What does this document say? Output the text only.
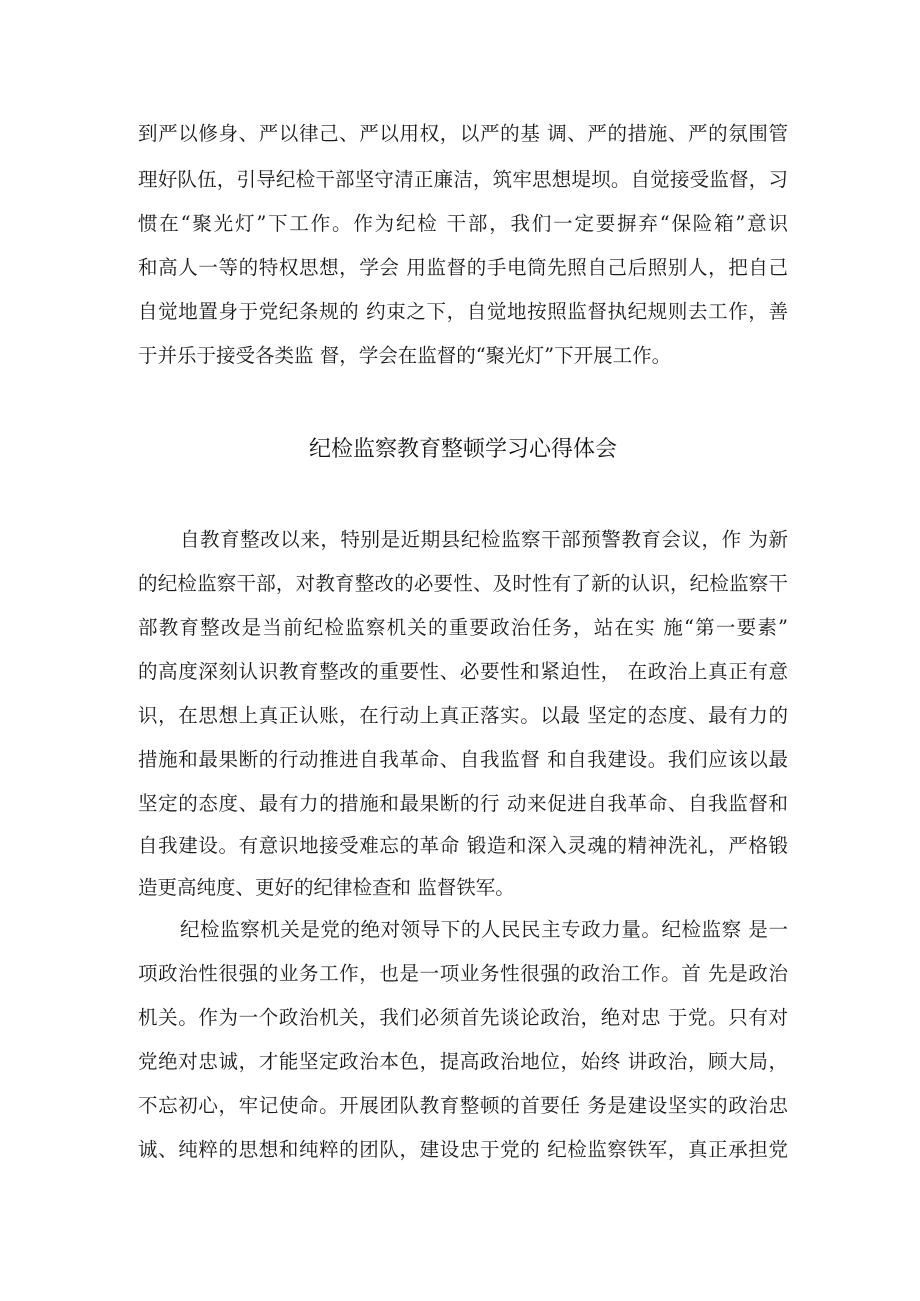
到严以修身、严以律己、严以用权，以严的基 调、严的措施、严的氛围管

理好队伍，引导纪检干部坚守清正廉洁，筑牢思想堤坝。自觉接受监督，习

惯在“聚光灯”下工作。作为纪检 干部，我们一定要摒弃“保险箱”意识

和高人一等的特权思想，学会 用监督的手电筒先照自己后照别人，把自己

自觉地置身于党纪条规的 约束之下，自觉地按照监督执纪规则去工作，善

于并乐于接受各类监 督，学会在监督的“聚光灯”下开展工作。

纪检监察教育整顿学习心得体会

自教育整改以来，特别是近期县纪检监察干部预警教育会议，作 为新

的纪检监察干部，对教育整改的必要性、及时性有了新的认识，纪检监察干

部教育整改是当前纪检监察机关的重要政治任务，站在实 施“第一要素”

的高度深刻认识教育整改的重要性、必要性和紧迫性， 在政治上真正有意

识，在思想上真正认账，在行动上真正落实。以最 坚定的态度、最有力的

措施和最果断的行动推进自我革命、自我监督 和自我建设。我们应该以最

坚定的态度、最有力的措施和最果断的行 动来促进自我革命、自我监督和

自我建设。有意识地接受难忘的革命 锻造和深入灵魂的精神洗礼，严格锻

造更高纯度、更好的纪律检查和 监督铁军。

纪检监察机关是党的绝对领导下的人民民主专政力量。纪检监察 是一

项政治性很强的业务工作，也是一项业务性很强的政治工作。首 先是政治

机关。作为一个政治机关，我们必须首先谈论政治，绝对忠 于党。只有对

党绝对忠诚，才能坚定政治本色，提高政治地位，始终 讲政治，顾大局，

不忘初心，牢记使命。开展团队教育整顿的首要任 务是建设坚实的政治忠

诚、纯粹的思想和纯粹的团队，建设忠于党的 纪检监察铁军，真正承担党
